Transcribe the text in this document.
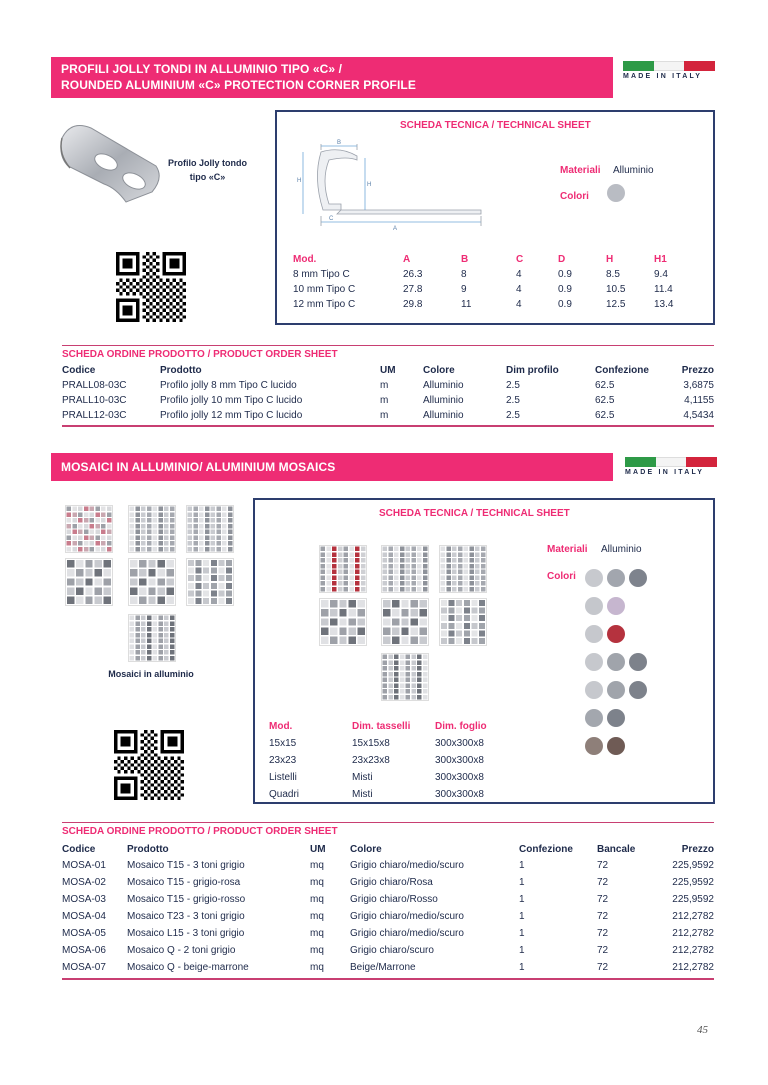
PROFILI JOLLY TONDI IN ALLUMINIO TIPO «C» /
ROUNDED ALUMINIUM «C» PROTECTION CORNER PROFILE
MADE IN ITALY
Profilo Jolly tondo
tipo «C»
SCHEDA TECNICA / TECHNICAL SHEET
B
H
H
A
C
Materiali Alluminio
Colori
Mod.	A	B	C	D	H	H1
8 mm Tipo C	26.3	8	4	0.9	8.5	9.4
10 mm Tipo C	27.8	9	4	0.9	10.5	11.4
12 mm Tipo C	29.8	11	4	0.9	12.5	13.4
SCHEDA ORDINE PRODOTTO / PRODUCT ORDER SHEET
Codice	Prodotto	UM	Colore	Dim profilo	Confezione	Prezzo
PRALL08-03C	Profilo jolly 8 mm Tipo C lucido	m	Alluminio	2.5	62.5	3,6875
PRALL10-03C	Profilo jolly 10 mm Tipo C lucido	m	Alluminio	2.5	62.5	4,1155
PRALL12-03C	Profilo jolly 12 mm Tipo C lucido	m	Alluminio	2.5	62.5	4,5434
MOSAICI IN ALLUMINIO/ ALUMINIUM MOSAICS	MADE IN ITALY
Mosaici in alluminio
SCHEDA TECNICA / TECHNICAL SHEET
Materiali Alluminio
Colori
Mod.	Dim. tasselli	Dim. foglio
15x15	15x15x8	300x300x8
23x23	23x23x8	300x300x8
Listelli	Misti	300x300x8
Quadri	Misti	300x300x8
SCHEDA ORDINE PRODOTTO / PRODUCT ORDER SHEET
Codice	Prodotto	UM	Colore	Confezione	Bancale	Prezzo
MOSA-01	Mosaico T15 - 3 toni grigio	mq	Grigio chiaro/medio/scuro	1	72	225,9592
MOSA-02	Mosaico T15 - grigio-rosa	mq	Grigio chiaro/Rosa	1	72	225,9592
MOSA-03	Mosaico T15 - grigio-rosso	mq	Grigio chiaro/Rosso	1	72	225,9592
MOSA-04	Mosaico T23 - 3 toni grigio	mq	Grigio chiaro/medio/scuro	1	72	212,2782
MOSA-05	Mosaico L15 - 3 toni grigio	mq	Grigio chiaro/medio/scuro	1	72	212,2782
MOSA-06	Mosaico Q - 2 toni grigio	mq	Grigio chiaro/scuro	1	72	212,2782
MOSA-07	Mosaico Q - beige-marrone	mq	Beige/Marrone	1	72	212,2782
45
